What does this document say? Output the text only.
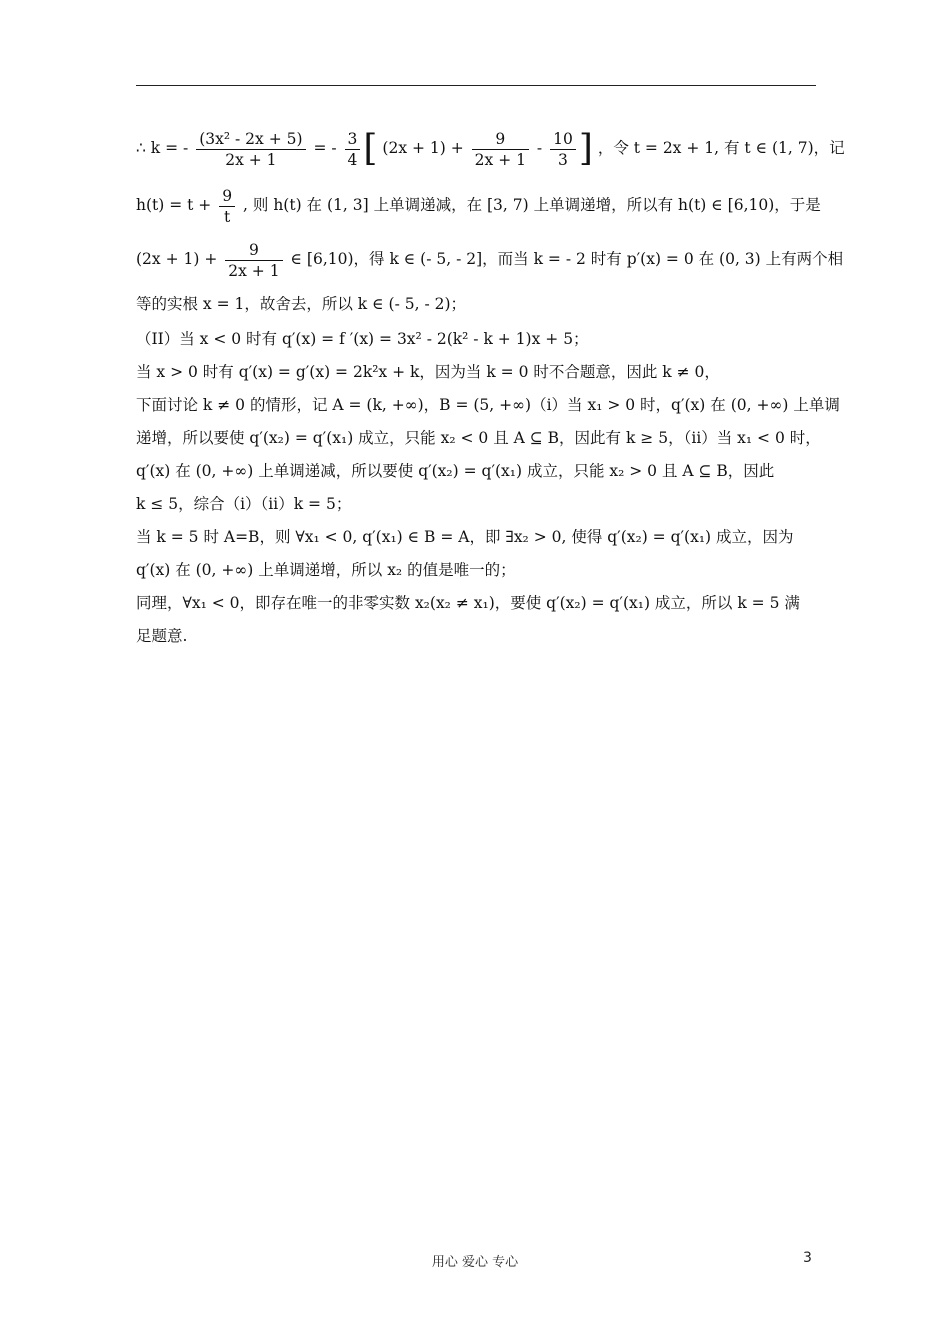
∴ k = - $\frac{\text{(3x² - 2x + 5)}}{2x + 1}$ = - $\frac{3}{4}$ [ $(2x + 1) + \frac{9}{2x + 1} - \frac{10}{3}$ ] ，令 t = 2x + 1, 有 t ∈ (1, 7)，记
$h(t) = t + \frac{9}{t}$ , 则 h(t) 在 (1, 3] 上单调递减，在 [3, 7) 上单调递增，所以有 h(t) ∈ [6,10)，于是
$(2x + 1) + \frac{9}{2x + 1}$ ∈ [6,10)，得 k ∈ (- 5, - 2]，而当 k = - 2 时有 p′(x) = 0 在 (0, 3) 上有两个相

等的实根 x = 1，故舍去，所以 k ∈ (- 5, - 2)；

（II）当 x < 0 时有 q′(x) = f ′(x) = 3x² - 2(k² - k + 1)x + 5；

当 x > 0 时有 q′(x) = g′(x) = 2k²x + k，因为当 k = 0 时不合题意，因此 k ≠ 0，

下面讨论 k ≠ 0 的情形，记 A = (k, +∞)，B = (5, +∞)（ⅰ）当 x₁ > 0 时，q′(x) 在 (0, +∞) 上单调

递增，所以要使 q′(x₂) = q′(x₁) 成立，只能 x₂ < 0 且 A ⊆ B，因此有 k ≥ 5，（ⅱ）当 x₁ < 0 时，

q′(x) 在 (0, +∞) 上单调递减，所以要使 q′(x₂) = q′(x₁) 成立，只能 x₂ > 0 且 A ⊆ B，因此

k ≤ 5，综合（ⅰ）（ⅱ）k = 5；

当 k = 5 时 A=B，则 ∀x₁ < 0, q′(x₁) ∈ B = A，即 ∃x₂ > 0, 使得 q′(x₂) = q′(x₁) 成立，因为

q′(x) 在 (0, +∞) 上单调递增，所以 x₂ 的值是唯一的；

同理，∀x₁ < 0，即存在唯一的非零实数 x₂(x₂ ≠ x₁)，要使 q′(x₂) = q′(x₁) 成立，所以 k = 5 满

足题意.

用心 爱心 专心	3
